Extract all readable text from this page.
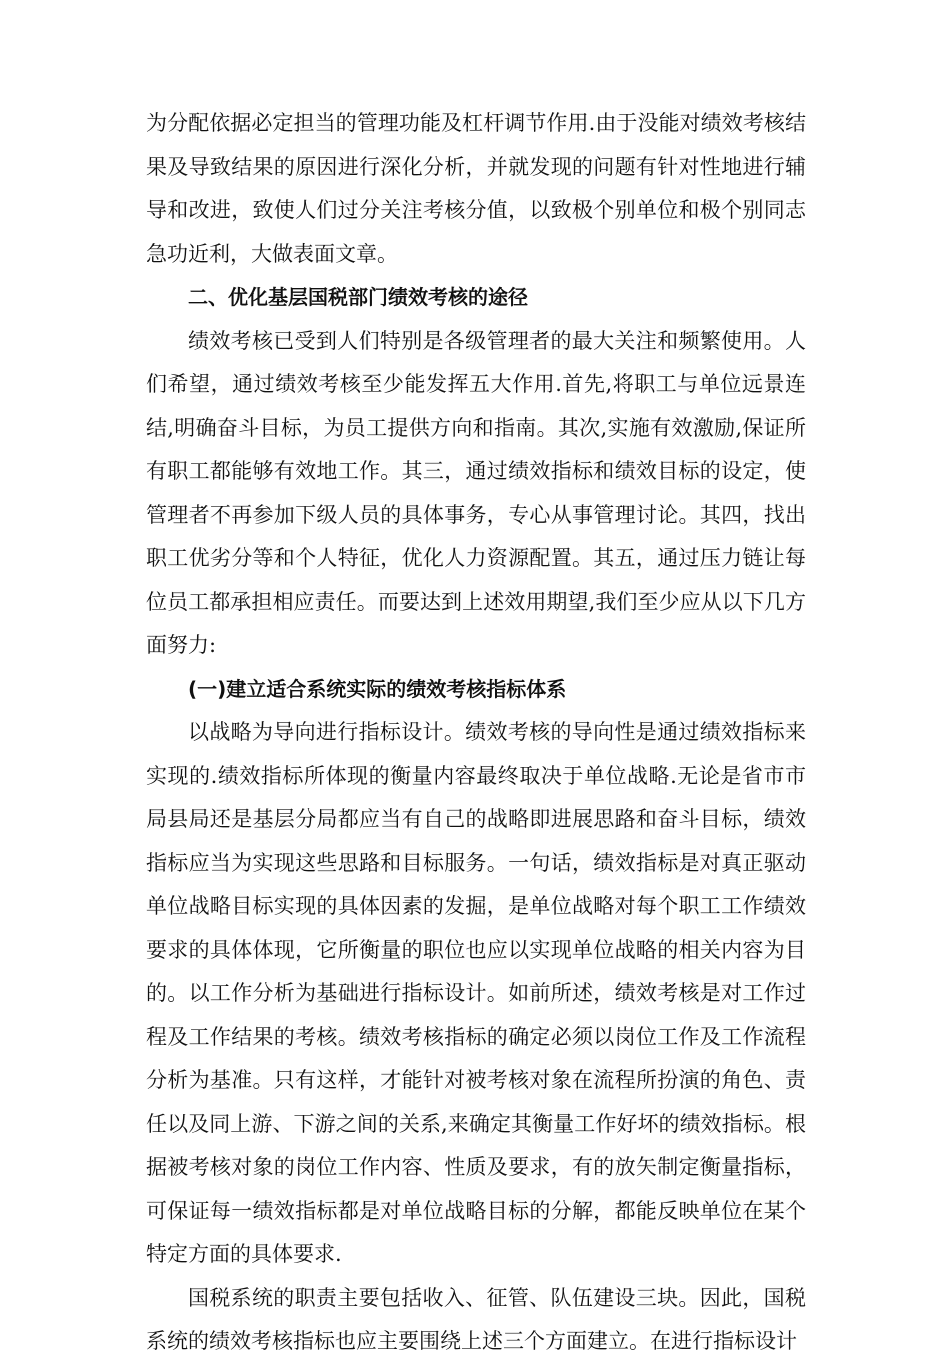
为分配依据必定担当的管理功能及杠杆调节作用.由于没能对绩效考核结果及导致结果的原因进行深化分析，并就发现的问题有针对性地进行辅导和改进，致使人们过分关注考核分值，以致极个别单位和极个别同志急功近利，大做表面文章。

二、优化基层国税部门绩效考核的途径

绩效考核已受到人们特别是各级管理者的最大关注和频繁使用。人们希望，通过绩效考核至少能发挥五大作用.首先,将职工与单位远景连结,明确奋斗目标，为员工提供方向和指南。其次,实施有效激励,保证所有职工都能够有效地工作。其三，通过绩效指标和绩效目标的设定，使管理者不再参加下级人员的具体事务，专心从事管理讨论。其四，找出职工优劣分等和个人特征，优化人力资源配置。其五，通过压力链让每位员工都承担相应责任。而要达到上述效用期望,我们至少应从以下几方面努力:

(一)建立适合系统实际的绩效考核指标体系

以战略为导向进行指标设计。绩效考核的导向性是通过绩效指标来实现的.绩效指标所体现的衡量内容最终取决于单位战略.无论是省市市局县局还是基层分局都应当有自己的战略即进展思路和奋斗目标，绩效指标应当为实现这些思路和目标服务。一句话，绩效指标是对真正驱动单位战略目标实现的具体因素的发掘，是单位战略对每个职工工作绩效要求的具体体现，它所衡量的职位也应以实现单位战略的相关内容为目的。以工作分析为基础进行指标设计。如前所述，绩效考核是对工作过程及工作结果的考核。绩效考核指标的确定必须以岗位工作及工作流程分析为基准。只有这样，才能针对被考核对象在流程所扮演的角色、责任以及同上游、下游之间的关系,来确定其衡量工作好坏的绩效指标。根据被考核对象的岗位工作内容、性质及要求，有的放矢制定衡量指标，可保证每一绩效指标都是对单位战略目标的分解，都能反映单位在某个特定方面的具体要求.

国税系统的职责主要包括收入、征管、队伍建设三块。因此，国税系统的绩效考核指标也应主要围绕上述三个方面建立。在进行指标设计
